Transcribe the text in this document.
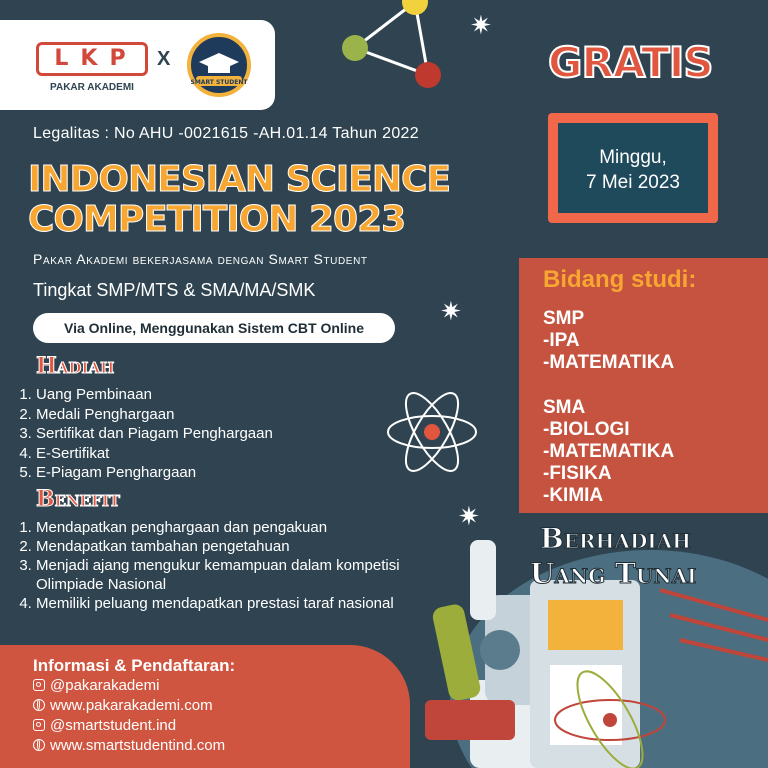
✷
✷
✷
LKP
PAKAR AKADEMI
X
SMART STUDENT
Legalitas : No AHU -0021615 -AH.01.14 Tahun 2022
INDONESIAN SCIENCE
COMPETITION 2023
Pakar Akademi bekerjasama dengan Smart Student
Tingkat SMP/MTS & SMA/MA/SMK
Via Online, Menggunakan Sistem CBT Online
Hadiah
1. Uang Pembinaan
2. Medali Penghargaan
3. Sertifikat dan Piagam Penghargaan
4. E-Sertifikat
5. E-Piagam Penghargaan
Benefit
1. Mendapatkan penghargaan dan pengakuan
2. Mendapatkan tambahan pengetahuan
3. Menjadi ajang mengukur kemampuan dalam kompetisi Olimpiade Nasional
4. Memiliki peluang mendapatkan prestasi taraf nasional
GRATIS
Minggu,
7 Mei 2023
Bidang studi:
SMP
-IPA
-MATEMATIKA
SMA
-BIOLOGI
-MATEMATIKA
-FISIKA
-KIMIA
Berhadiah
Uang Tunai
Informasi & Pendaftaran:
@pakarakademi
www.pakarakademi.com
@smartstudent.ind
www.smartstudentind.com
